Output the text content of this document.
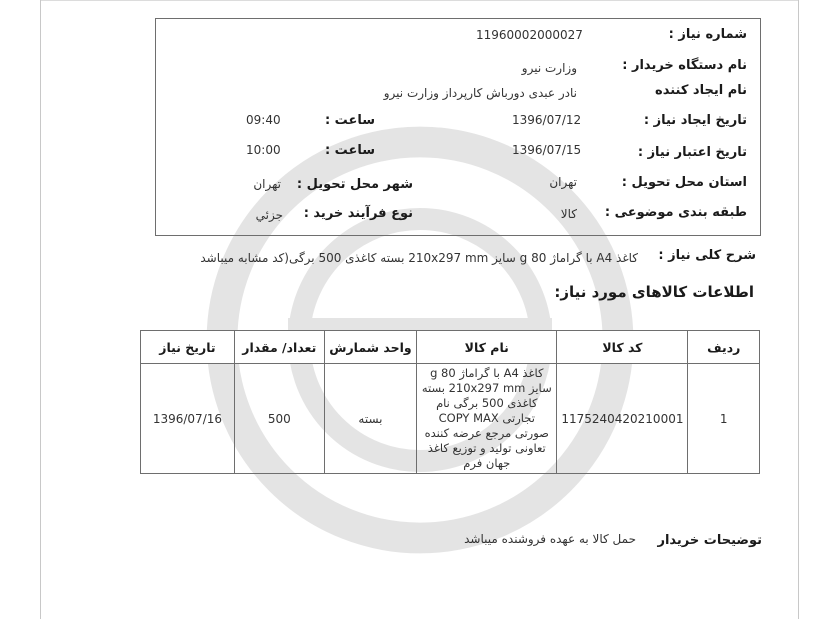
شماره نیاز :
11960002000027
نام دستگاه خریدار :
وزارت نیرو
نام ایجاد کننده
نادر عبدی دورباش کارپرداز وزارت نیرو
تاریخ ایجاد نیاز :
1396/07/12
ساعت :
09:40
تاریخ اعتبار نیاز :
1396/07/15
ساعت :
10:00
استان محل تحویل :
تهران
شهر محل تحویل :
تهران
طبقه بندی موضوعی :
کالا
نوع فرآیند خرید :
جزئي
شرح کلی نیاز :
کاغذ A4 با گراماژ 80 g سایز 210x297 mm بسته کاغذی 500 برگی(کد مشابه میباشد
اطلاعات کالاهای مورد نیاز:
ردیف	کد کالا	نام کالا	واحد شمارش	تعداد/ مقدار	تاریخ نیاز
1	1175240420210001	کاغذ A4 با گراماژ 80 g سایز 210x297 mm بسته کاغذی 500 برگی نام تجارتی COPY MAX صورتی مرجع عرضه کننده تعاونی تولید و توزیع کاغذ جهان فرم	بسته	500	1396/07/16
توضیحات خریدار
حمل کالا به عهده فروشنده میباشد
